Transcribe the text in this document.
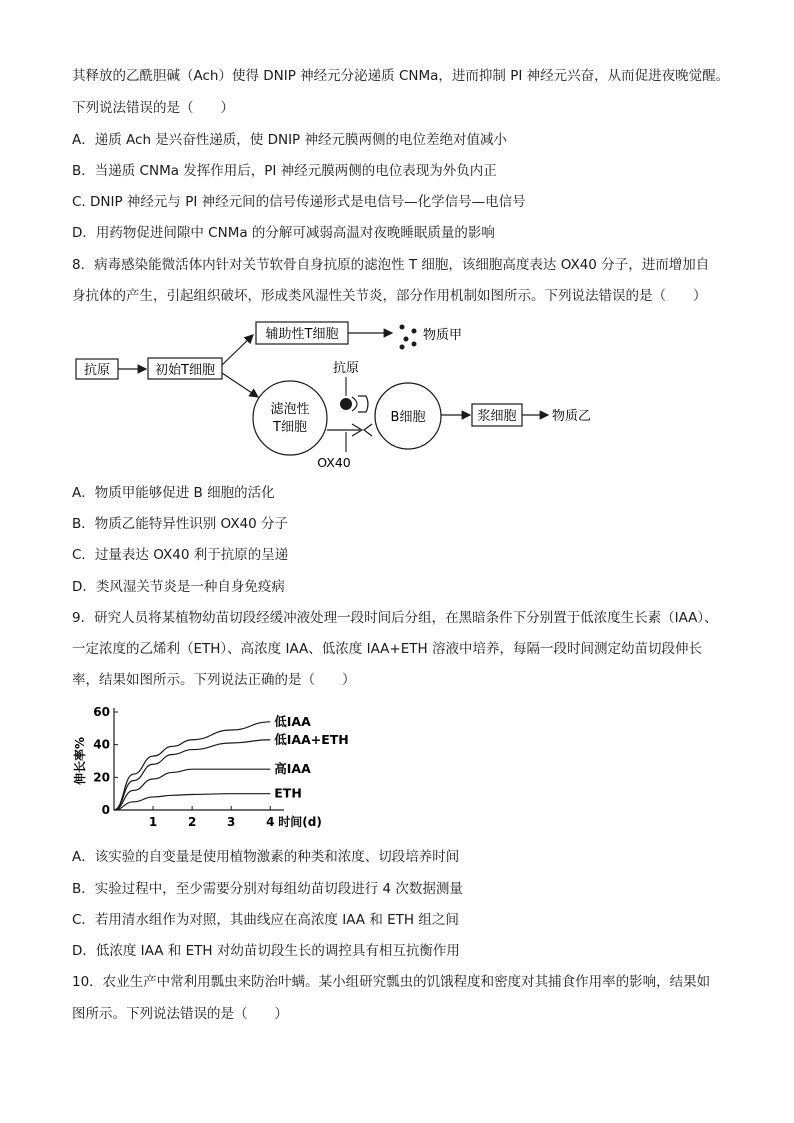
其释放的乙酰胆碱（Ach）使得 DNIP 神经元分泌递质 CNMa，进而抑制 PI 神经元兴奋，从而促进夜晚觉醒。
下列说法错误的是（　　）
A．递质 Ach 是兴奋性递质，使 DNIP 神经元膜两侧的电位差绝对值减小
B．当递质 CNMa 发挥作用后，PI 神经元膜两侧的电位表现为外负内正
C. DNIP 神经元与 PI 神经元间的信号传递形式是电信号—化学信号—电信号
D．用药物促进间隙中 CNMa 的分解可减弱高温对夜晚睡眠质量的影响
8．病毒感染能微活体内针对关节软骨自身抗原的滤泡性 T 细胞，该细胞高度表达 OX40 分子，进而增加自
身抗体的产生，引起组织破坏，形成类风湿性关节炎，部分作用机制如图所示。下列说法错误的是（　　）
抗原	初始T细胞
辅助性T细胞	物质甲
滤泡性
T细胞
抗原
OX40
B细胞	浆细胞	物质乙
A．物质甲能够促进 B 细胞的活化
B．物质乙能特异性识别 OX40 分子
C．过量表达 OX40 利于抗原的呈递
D．类风湿关节炎是一种自身免疫病
9．研究人员将某植物幼苗切段经缓冲液处理一段时间后分组，在黑暗条件下分别置于低浓度生长素（IAA）、
一定浓度的乙烯利（ETH）、高浓度 IAA、低浓度 IAA+ETH 溶液中培养，每隔一段时间测定幼苗切段伸长
率，结果如图所示。下列说法正确的是（　　）
0
20
40
60
1	2	3	4 时间(d)
伸长率%
低IAA
低IAA+ETH
高IAA
ETH
A．该实验的自变量是使用植物激素的种类和浓度、切段培养时间
B．实验过程中，至少需要分别对每组幼苗切段进行 4 次数据测量
C．若用清水组作为对照，其曲线应在高浓度 IAA 和 ETH 组之间
D．低浓度 IAA 和 ETH 对幼苗切段生长的调控具有相互抗衡作用
10．农业生产中常利用瓢虫来防治叶螨。某小组研究瓢虫的饥饿程度和密度对其捕食作用率的影响，结果如
图所示。下列说法错误的是（　　）
